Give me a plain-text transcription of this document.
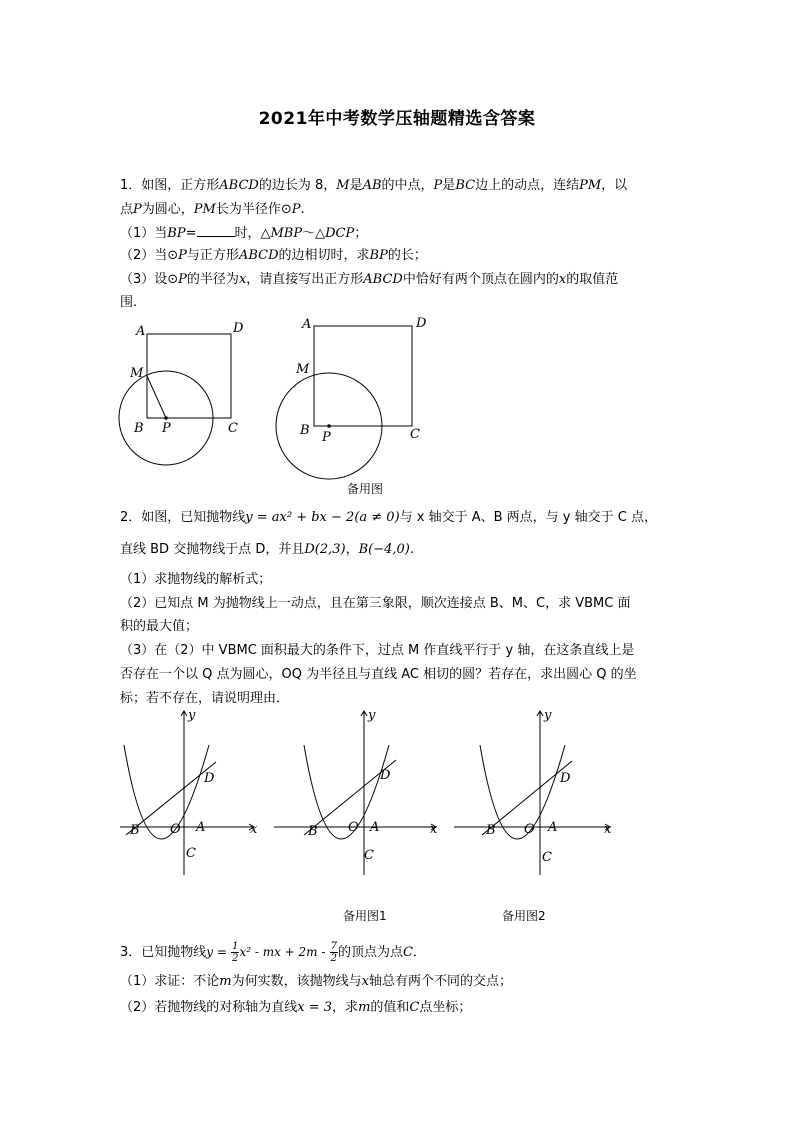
2021年中考数学压轴题精选含答案
1．如图，正方形ABCD的边长为 8，M是AB的中点，P是BC边上的动点，连结PM，以
点P为圆心，PM长为半径作⊙P.
（1）当BP=	时，△MBP～△DCP；
（2）当⊙P与正方形ABCD的边相切时，求BP的长；
（3）设⊙P的半径为x，请直接写出正方形ABCD中恰好有两个顶点在圆内的x的取值范
围.
A	D
M
B P	C
A	D
M
B P	C
备用图
2．如图，已知抛物线y = ax² + bx − 2(a ≠ 0)与 x 轴交于 A、B 两点，与 y 轴交于 C 点，
直线 BD 交抛物线于点 D，并且D(2,3)，B(−4,0).
（1）求抛物线的解析式；
（2）已知点 M 为抛物线上一动点，且在第三象限，顺次连接点 B、M、C，求 VBMC 面
积的最大值；
（3）在（2）中 VBMC 面积最大的条件下，过点 M 作直线平行于 y 轴，在这条直线上是
否存在一个以 Q 点为圆心，OQ 为半径且与直线 AC 相切的圆？若存在，求出圆心 Q 的坐
标；若不存在，请说明理由．
y
x
B O A
C
D
y
x
B O A
C
D
备用图1
y
x
B O A
C
D
备用图2
3．已知抛物线$y = \frac{1}{2} x^2$ - mx + $2m - \frac{7}{2}$ 的顶点为点C．
（1）求证：不论m为何实数，该抛物线与x轴总有两个不同的交点；
（2）若抛物线的对称轴为直线x = 3，求m的值和C点坐标；
